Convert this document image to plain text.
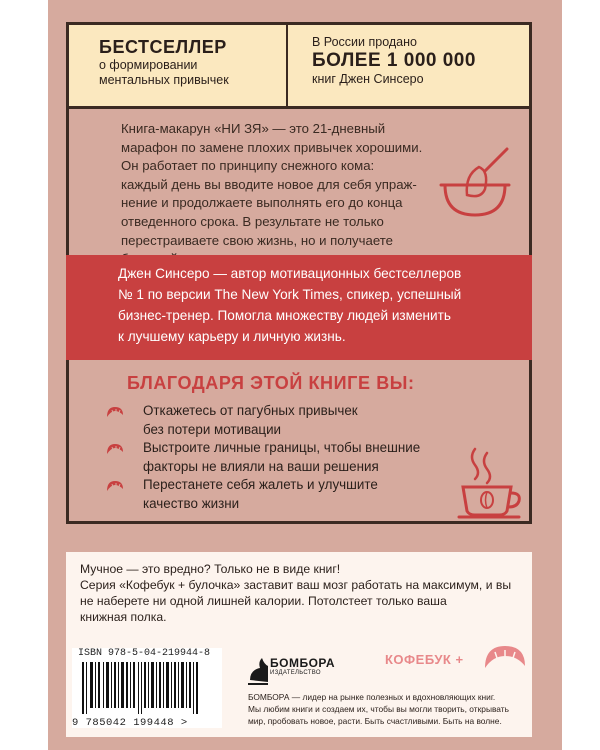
БЕСТСЕЛЛЕР
о формировании
ментальных привычек
В России продано
БОЛЕЕ 1 000 000
книг Джен Синсеро
Книга-макарун «НИ ЗЯ» — это 21-дневный
марафон по замене плохих привычек хорошими.
Он работает по принципу снежного кома:
каждый день вы вводите новое для себя упраж-
нение и продолжаете выполнять его до конца
отведенного срока. В результате не только
перестраиваете свою жизнь, но и получаете
Джен Синсеро — автор мотивационных бестселлеров
№ 1 по версии The New York Times, спикер, успешный
бизнес-тренер. Помогла множеству людей изменить
к лучшему карьеру и личную жизнь.
БЛАГОДАРЯ ЭТОЙ КНИГЕ ВЫ:
Откажетесь от пагубных привычек
без потери мотивации
Выстроите личные границы, чтобы внешние
факторы не влияли на ваши решения
Перестанете себя жалеть и улучшите
качество жизни
Мучное — это вредно? Только не в виде книг!
Серия «Кофебук + булочка» заставит ваш мозг работать на максимум, и вы
не наберете ни одной лишней калории. Потолстеет только ваша
книжная полка.
ISBN 978-5-04-219944-8
9 785042 199448 >
БОМБОРА
ИЗДАТЕЛЬСТВО
БОМБОРА — лидер на рынке полезных и вдохновляющих книг.
Мы любим книги и создаем их, чтобы вы могли творить, открывать
мир, пробовать новое, расти. Быть счастливыми. Быть на волне.
КОФЕБУК +
